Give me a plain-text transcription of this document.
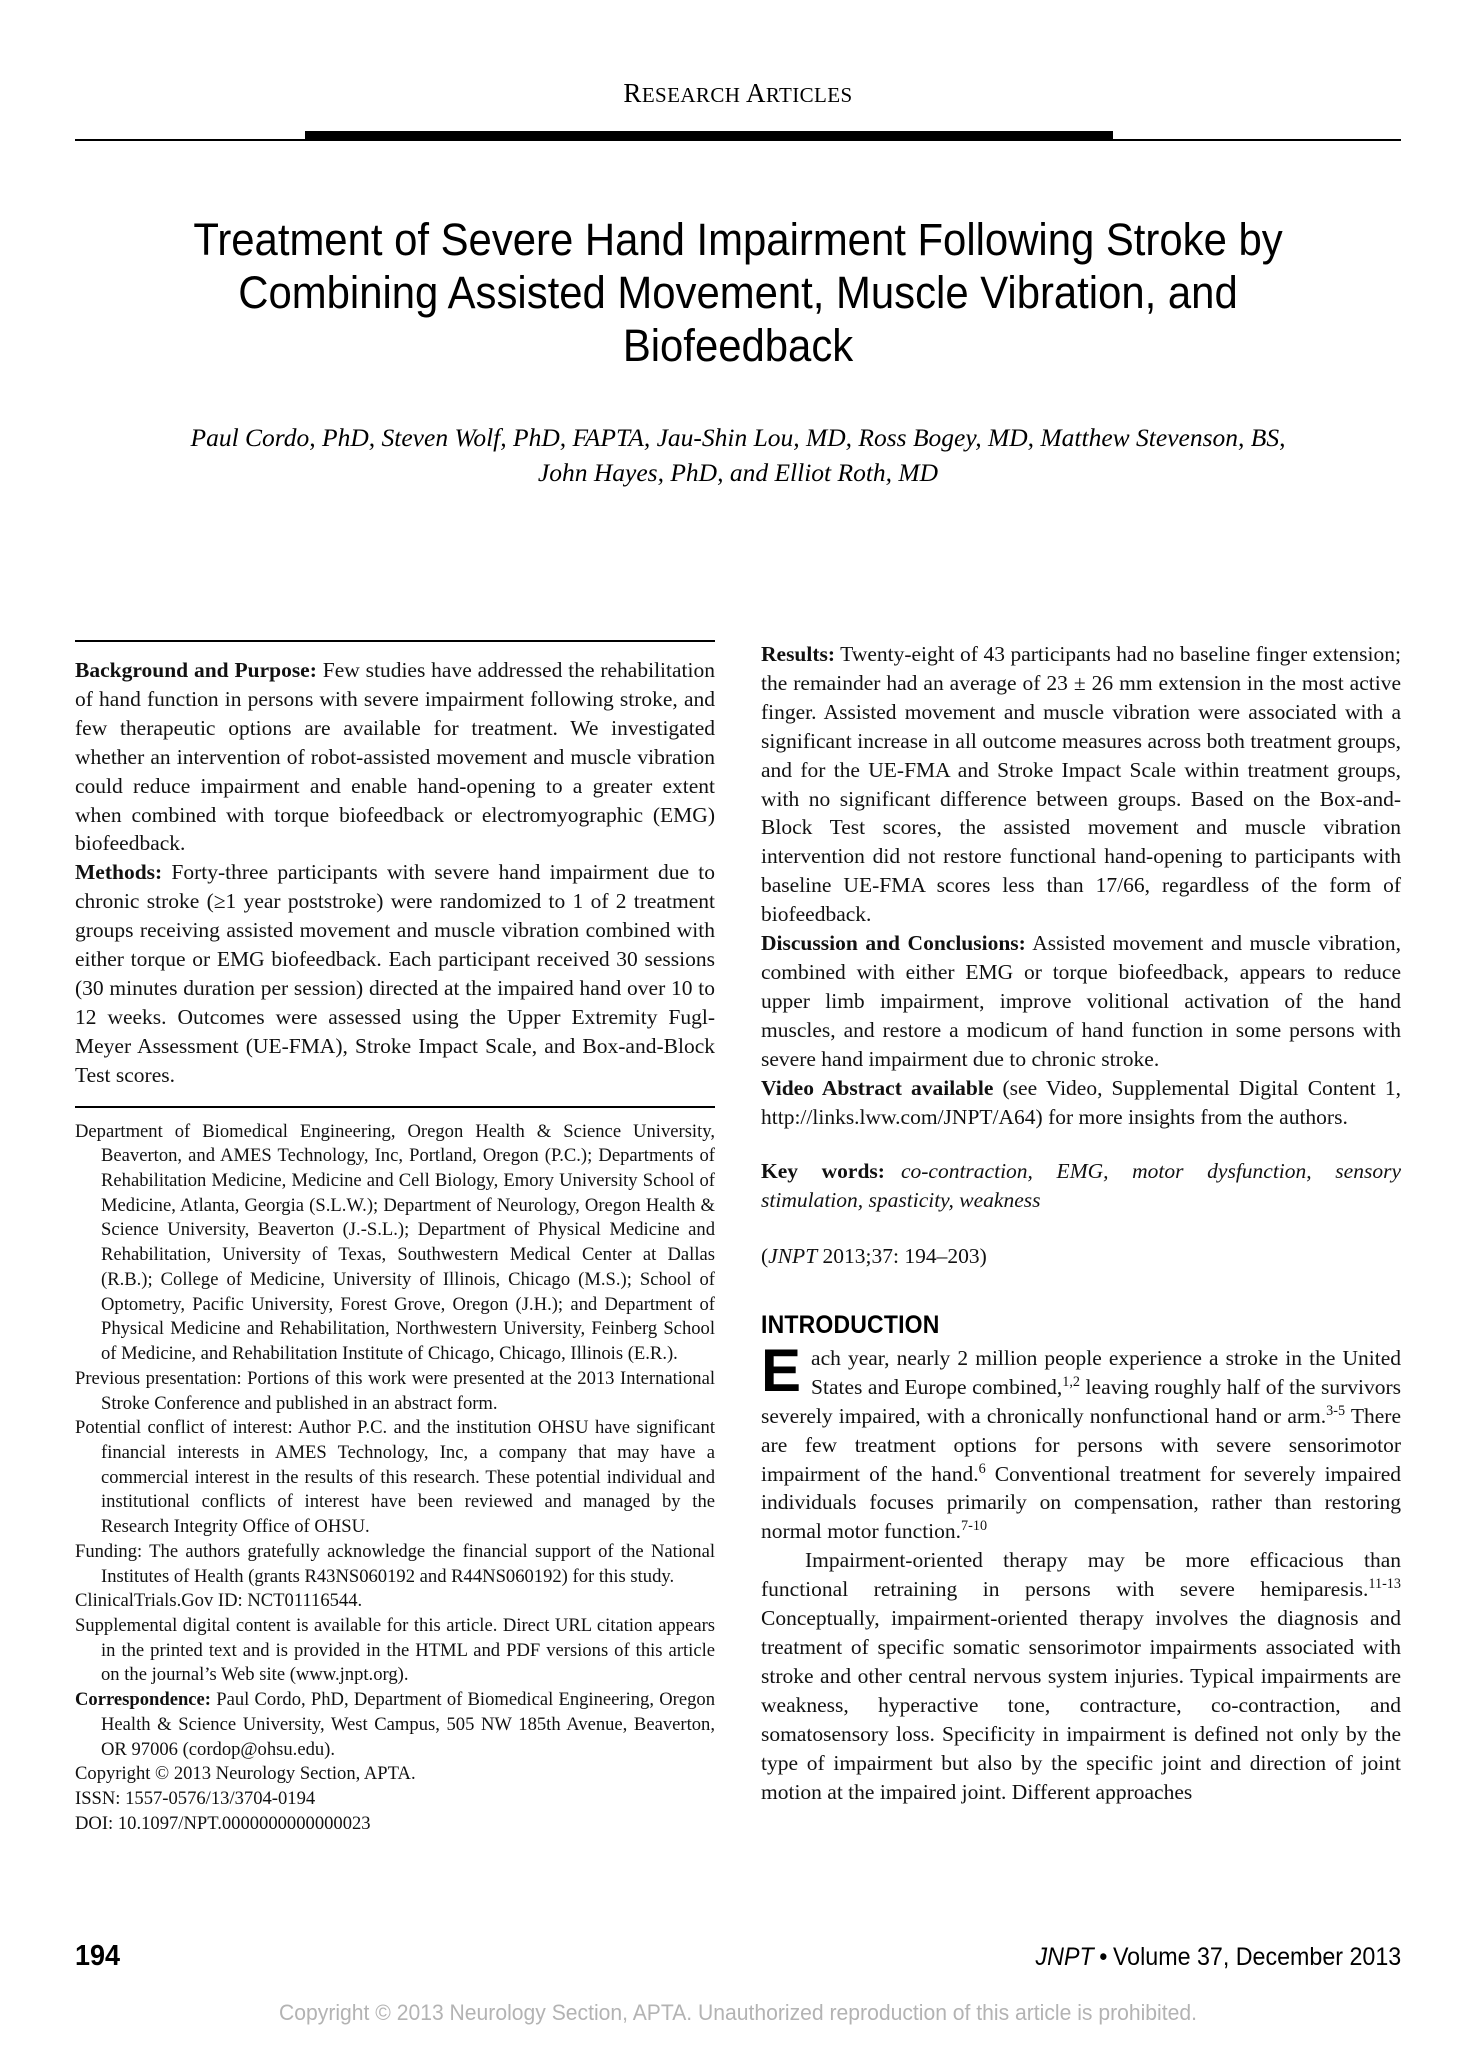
RESEARCH ARTICLES
Treatment of Severe Hand Impairment Following Stroke by Combining Assisted Movement, Muscle Vibration, and Biofeedback
Paul Cordo, PhD, Steven Wolf, PhD, FAPTA, Jau-Shin Lou, MD, Ross Bogey, MD, Matthew Stevenson, BS,
John Hayes, PhD, and Elliot Roth, MD

Background and Purpose: Few studies have addressed the rehabilitation of hand function in persons with severe impairment following stroke, and few therapeutic options are available for treatment. We investigated whether an intervention of robot-assisted movement and muscle vibration could reduce impairment and enable hand-opening to a greater extent when combined with torque biofeedback or electromyographic (EMG) biofeedback.

Methods: Forty-three participants with severe hand impairment due to chronic stroke (≥1 year poststroke) were randomized to 1 of 2 treatment groups receiving assisted movement and muscle vibration combined with either torque or EMG biofeedback. Each participant received 30 sessions (30 minutes duration per session) directed at the impaired hand over 10 to 12 weeks. Outcomes were assessed using the Upper Extremity Fugl-Meyer Assessment (UE-FMA), Stroke Impact Scale, and Box-and-Block Test scores.

Department of Biomedical Engineering, Oregon Health & Science University, Beaverton, and AMES Technology, Inc, Portland, Oregon (P.C.); Departments of Rehabilitation Medicine, Medicine and Cell Biology, Emory University School of Medicine, Atlanta, Georgia (S.L.W.); Department of Neurology, Oregon Health & Science University, Beaverton (J.-S.L.); Department of Physical Medicine and Rehabilitation, University of Texas, Southwestern Medical Center at Dallas (R.B.); College of Medicine, University of Illinois, Chicago (M.S.); School of Optometry, Pacific University, Forest Grove, Oregon (J.H.); and Department of Physical Medicine and Rehabilitation, Northwestern University, Feinberg School of Medicine, and Rehabilitation Institute of Chicago, Chicago, Illinois (E.R.).

Previous presentation: Portions of this work were presented at the 2013 International Stroke Conference and published in an abstract form.

Potential conflict of interest: Author P.C. and the institution OHSU have significant financial interests in AMES Technology, Inc, a company that may have a commercial interest in the results of this research. These potential individual and institutional conflicts of interest have been reviewed and managed by the Research Integrity Office of OHSU.

Funding: The authors gratefully acknowledge the financial support of the National Institutes of Health (grants R43NS060192 and R44NS060192) for this study.

ClinicalTrials.Gov ID: NCT01116544.

Supplemental digital content is available for this article. Direct URL citation appears in the printed text and is provided in the HTML and PDF versions of this article on the journal’s Web site (www.jnpt.org).

Correspondence: Paul Cordo, PhD, Department of Biomedical Engineering, Oregon Health & Science University, West Campus, 505 NW 185th Avenue, Beaverton, OR 97006 (cordop@ohsu.edu).

Copyright © 2013 Neurology Section, APTA.

ISSN: 1557-0576/13/3704-0194

DOI: 10.1097/NPT.0000000000000023

Results: Twenty-eight of 43 participants had no baseline finger extension; the remainder had an average of 23 ± 26 mm extension in the most active finger. Assisted movement and muscle vibration were associated with a significant increase in all outcome measures across both treatment groups, and for the UE-FMA and Stroke Impact Scale within treatment groups, with no significant difference between groups. Based on the Box-and-Block Test scores, the assisted movement and muscle vibration intervention did not restore functional hand-opening to participants with baseline UE-FMA scores less than 17/66, regardless of the form of biofeedback.

Discussion and Conclusions: Assisted movement and muscle vibration, combined with either EMG or torque biofeedback, appears to reduce upper limb impairment, improve volitional activation of the hand muscles, and restore a modicum of hand function in some persons with severe hand impairment due to chronic stroke.

Video Abstract available (see Video, Supplemental Digital Content 1, http://links.lww.com/JNPT/A64) for more insights from the authors.

Key words: co-contraction, EMG, motor dysfunction, sensory stimulation, spasticity, weakness

(JNPT 2013;37: 194–203)

INTRODUCTION

Each year, nearly 2 million people experience a stroke in the United States and Europe combined,$^{1,2}$ leaving roughly half of the survivors severely impaired, with a chronically nonfunctional hand or arm.$^{3-5}$ There are few treatment options for persons with severe sensorimotor impairment of the hand.$^6$ Conventional treatment for severely impaired individuals focuses primarily on compensation, rather than restoring normal motor function.$^{7-10}$

Impairment-oriented therapy may be more efficacious than functional retraining in persons with severe hemiparesis.$^{11-13}$ Conceptually, impairment-oriented therapy involves the diagnosis and treatment of specific somatic sensorimotor impairments associated with stroke and other central nervous system injuries. Typical impairments are weakness, hyperactive tone, contracture, co-contraction, and somatosensory loss. Specificity in impairment is defined not only by the type of impairment but also by the specific joint and direction of joint motion at the impaired joint. Different approaches

194	JNPT • Volume 37, December 2013
Copyright © 2013 Neurology Section, APTA. Unauthorized reproduction of this article is prohibited.
